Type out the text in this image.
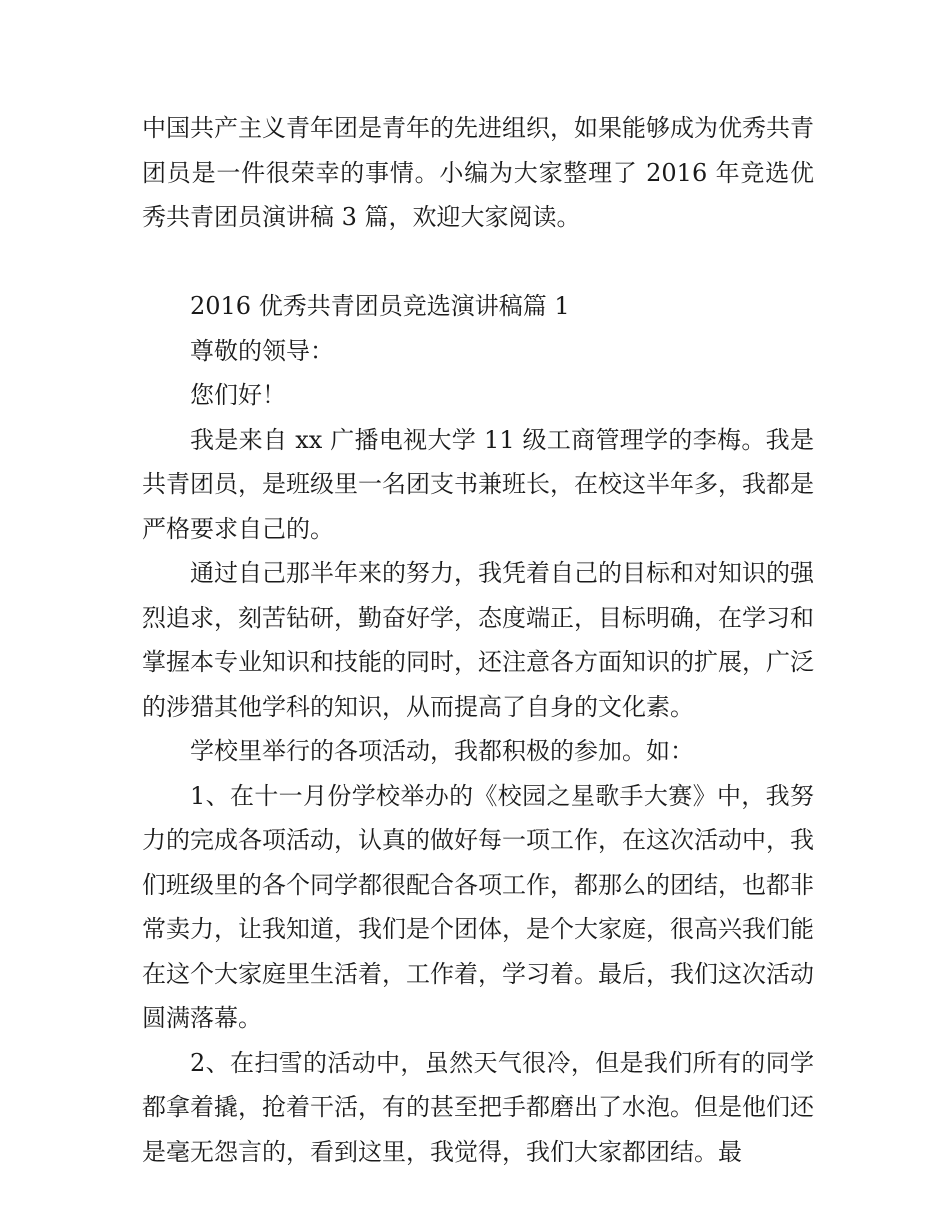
中国共产主义青年团是青年的先进组织，如果能够成为优秀共青团员是一件很荣幸的事情。小编为大家整理了 2016 年竞选优秀共青团员演讲稿 3 篇，欢迎大家阅读。

2016 优秀共青团员竞选演讲稿篇 1

尊敬的领导：

您们好！

我是来自 xx 广播电视大学 11 级工商管理学的李梅。我是共青团员，是班级里一名团支书兼班长，在校这半年多，我都是严格要求自己的。

通过自己那半年来的努力，我凭着自己的目标和对知识的强烈追求，刻苦钻研，勤奋好学，态度端正，目标明确，在学习和掌握本专业知识和技能的同时，还注意各方面知识的扩展，广泛的涉猎其他学科的知识，从而提高了自身的文化素。

学校里举行的各项活动，我都积极的参加。如：

1、在十一月份学校举办的《校园之星歌手大赛》中，我努力的完成各项活动，认真的做好每一项工作，在这次活动中，我们班级里的各个同学都很配合各项工作，都那么的团结，也都非常卖力，让我知道，我们是个团体，是个大家庭，很高兴我们能在这个大家庭里生活着，工作着，学习着。最后，我们这次活动圆满落幕。

2、在扫雪的活动中，虽然天气很冷，但是我们所有的同学都拿着撬，抢着干活，有的甚至把手都磨出了水泡。但是他们还是毫无怨言的，看到这里，我觉得，我们大家都团结。最
